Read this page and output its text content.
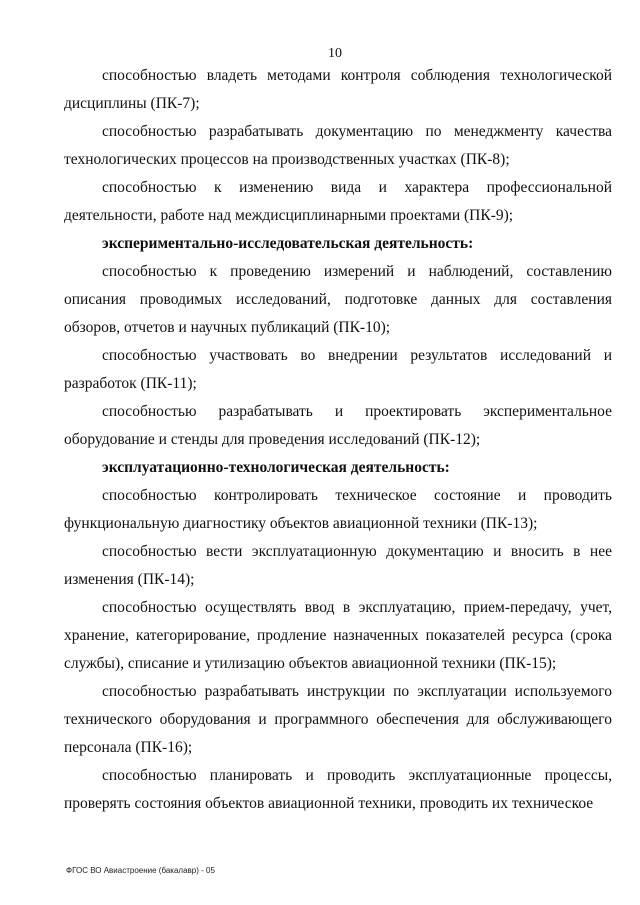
10

способностью владеть методами контроля соблюдения технологической дисциплины (ПК-7);

способностью разрабатывать документацию по менеджменту качества технологических процессов на производственных участках (ПК-8);

способностью к изменению вида и характера профессиональной деятельности, работе над междисциплинарными проектами (ПК-9);

экспериментально-исследовательская деятельность:

способностью к проведению измерений и наблюдений, составлению описания проводимых исследований, подготовке данных для составления обзоров, отчетов и научных публикаций (ПК-10);

способностью участвовать во внедрении результатов исследований и разработок (ПК-11);

способностью разрабатывать и проектировать экспериментальное оборудование и стенды для проведения исследований (ПК-12);

эксплуатационно-технологическая деятельность:

способностью контролировать техническое состояние и проводить функциональную диагностику объектов авиационной техники (ПК-13);

способностью вести эксплуатационную документацию и вносить в нее изменения (ПК-14);

способностью осуществлять ввод в эксплуатацию, прием-передачу, учет, хранение, категорирование, продление назначенных показателей ресурса (срока службы), списание и утилизацию объектов авиационной техники (ПК-15);

способностью разрабатывать инструкции по эксплуатации используемого технического оборудования и программного обеспечения для обслуживающего персонала (ПК-16);

способностью планировать и проводить эксплуатационные процессы, проверять состояния объектов авиационной техники, проводить их техническое

ФГОС ВО Авиастроение (бакалавр) - 05
